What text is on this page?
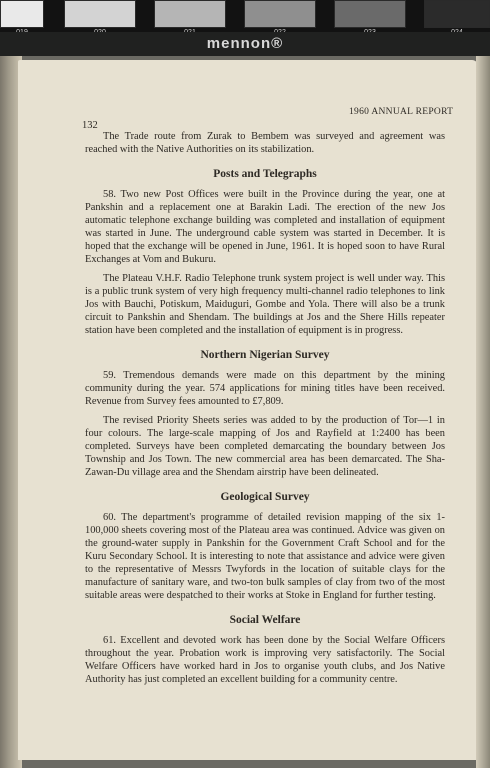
mennon®
1960 ANNUAL REPORT
132

The Trade route from Zurak to Bembem was surveyed and agreement was reached with the Native Authorities on its stabilization.

Posts and Telegraphs

58. Two new Post Offices were built in the Province during the year, one at Pankshin and a replacement one at Barakin Ladi. The erection of the new Jos automatic telephone exchange building was completed and installation of equipment was started in June. The underground cable system was started in December. It is hoped that the exchange will be opened in June, 1961. It is hoped soon to have Rural Exchanges at Vom and Bukuru.

The Plateau V.H.F. Radio Telephone trunk system project is well under way. This is a public trunk system of very high frequency multi-channel radio telephones to link Jos with Bauchi, Potiskum, Maiduguri, Gombe and Yola. There will also be a trunk circuit to Pankshin and Shendam. The buildings at Jos and the Shere Hills repeater station have been completed and the installation of equipment is in progress.

Northern Nigerian Survey

59. Tremendous demands were made on this department by the mining community during the year. 574 applications for mining titles have been received. Revenue from Survey fees amounted to £7,809.

The revised Priority Sheets series was added to by the production of Tor—1 in four colours. The large-scale mapping of Jos and Rayfield at 1:2400 has been completed. Surveys have been completed demarcating the boundary between Jos Township and Jos Town. The new commercial area has been demarcated. The Sha-Zawan-Du village area and the Shendam airstrip have been delineated.

Geological Survey

60. The department's programme of detailed revision mapping of the six 1-100,000 sheets covering most of the Plateau area was continued. Advice was given on the ground-water supply in Pankshin for the Government Craft School and for the Kuru Secondary School. It is interesting to note that assistance and advice were given to the representative of Messrs Twyfords in the location of suitable clays for the manufacture of sanitary ware, and two-ton bulk samples of clay from two of the most suitable areas were despatched to their works at Stoke in England for further testing.

Social Welfare

61. Excellent and devoted work has been done by the Social Welfare Officers throughout the year. Probation work is improving very satisfactorily. The Social Welfare Officers have worked hard in Jos to organise youth clubs, and Jos Native Authority has just completed an excellent building for a community centre.
